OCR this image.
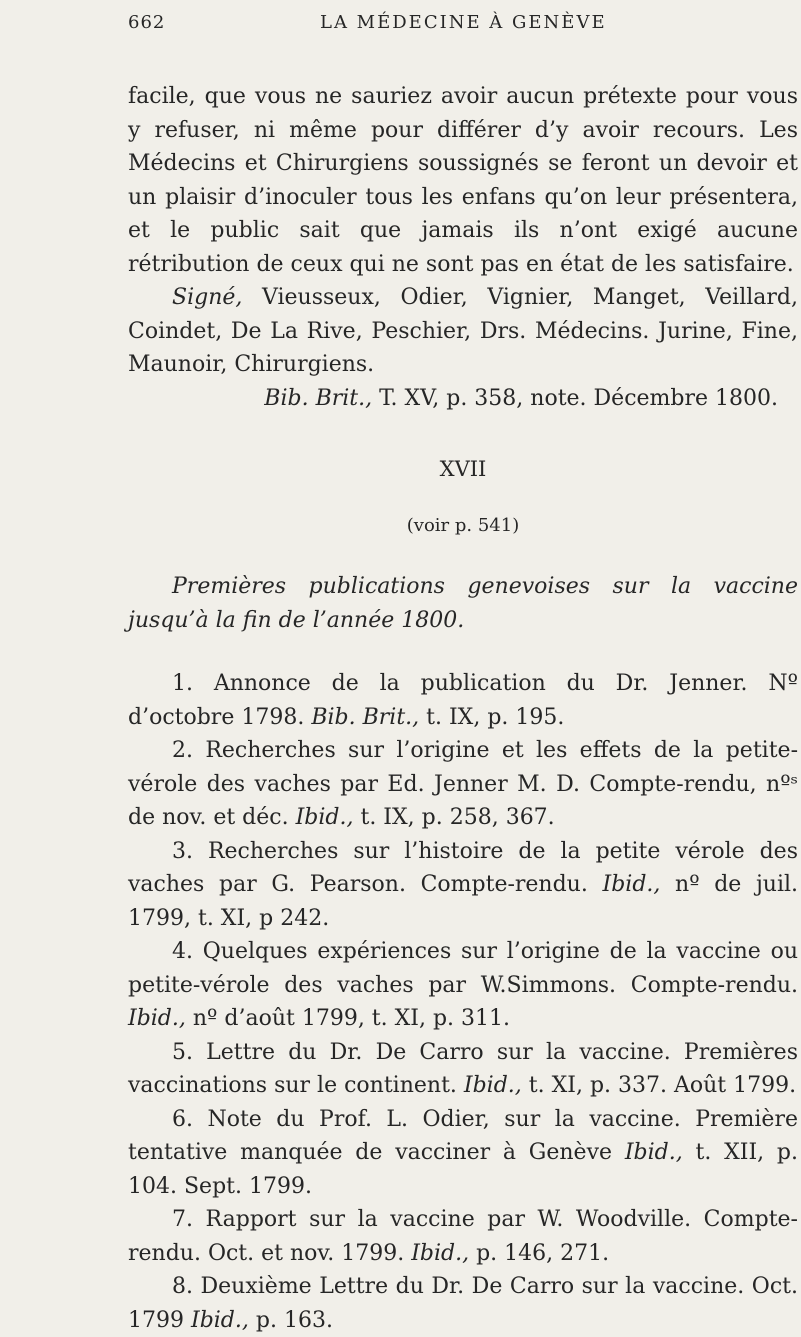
662	LA MÉDECINE À GENÈVE

facile, que vous ne sauriez avoir aucun prétexte pour vous y refuser, ni même pour différer d’y avoir recours. Les Médecins et Chirurgiens soussignés se feront un devoir et un plaisir d’inoculer tous les enfans qu’on leur présentera, et le public sait que jamais ils n’ont exigé aucune rétribution de ceux qui ne sont pas en état de les satisfaire.

Signé, Vieusseux, Odier, Vignier, Manget, Veillard, Coindet, De La Rive, Peschier, Drs. Médecins. Jurine, Fine, Maunoir, Chirurgiens.

Bib. Brit., T. XV, p. 358, note. Décembre 1800.

XVII

(voir p. 541)

Premières publications genevoises sur la vaccine jusqu’à la fin de l’année 1800.

1. Annonce de la publication du Dr. Jenner. Nº d’octobre 1798. Bib. Brit., t. IX, p. 195.

2. Recherches sur l’origine et les effets de la petite-vérole des vaches par Ed. Jenner M. D. Compte-rendu, nºˢ de nov. et déc. Ibid., t. IX, p. 258, 367.

3. Recherches sur l’histoire de la petite vérole des vaches par G. Pearson. Compte-rendu. Ibid., nº de juil. 1799, t. XI, p 242.

4. Quelques expériences sur l’origine de la vaccine ou petite-vérole des vaches par W.Simmons. Compte-rendu. Ibid., nº d’août 1799, t. XI, p. 311.

5. Lettre du Dr. De Carro sur la vaccine. Premières vaccinations sur le continent. Ibid., t. XI, p. 337. Août 1799.

6. Note du Prof. L. Odier, sur la vaccine. Première tentative manquée de vacciner à Genève Ibid., t. XII, p. 104. Sept. 1799.

7. Rapport sur la vaccine par W. Woodville. Compte-rendu. Oct. et nov. 1799. Ibid., p. 146, 271.

8. Deuxième Lettre du Dr. De Carro sur la vaccine. Oct. 1799 Ibid., p. 163.
